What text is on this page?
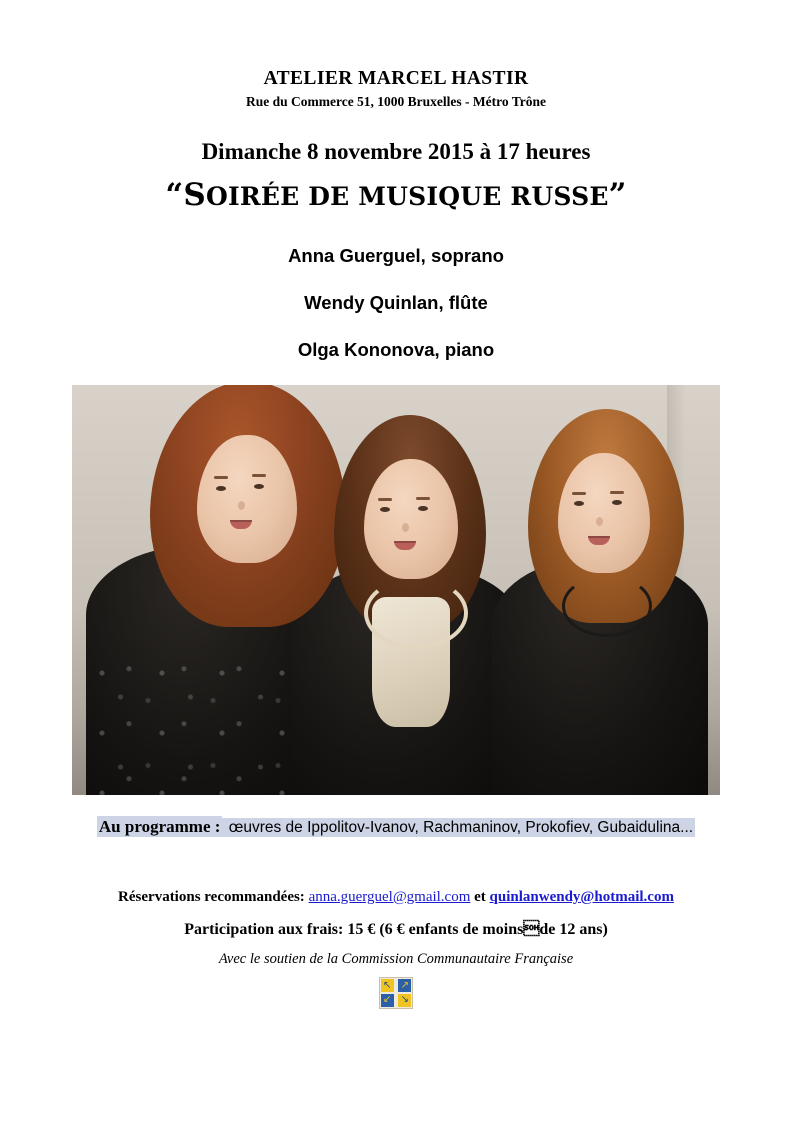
ATELIER MARCEL HASTIR
Rue du Commerce 51, 1000 Bruxelles - Métro Trône
Dimanche 8 novembre 2015 à 17 heures
“SOIRÉE DE MUSIQUE RUSSE”
Anna Guerguel, soprano
Wendy Quinlan, flûte
Olga Kononova, piano
Au programme : œuvres de Ippolitov-Ivanov, Rachmaninov, Prokofiev, Gubaidulina...
Réservations recommandées: anna.guerguel@gmail.com et quinlanwendy@hotmail.com
Participation aux frais: 15 € (6 € enfants de moinsde 12 ans)
Avec le soutien de la Commission Communautaire Française
↖ ↗
↙ ↘
